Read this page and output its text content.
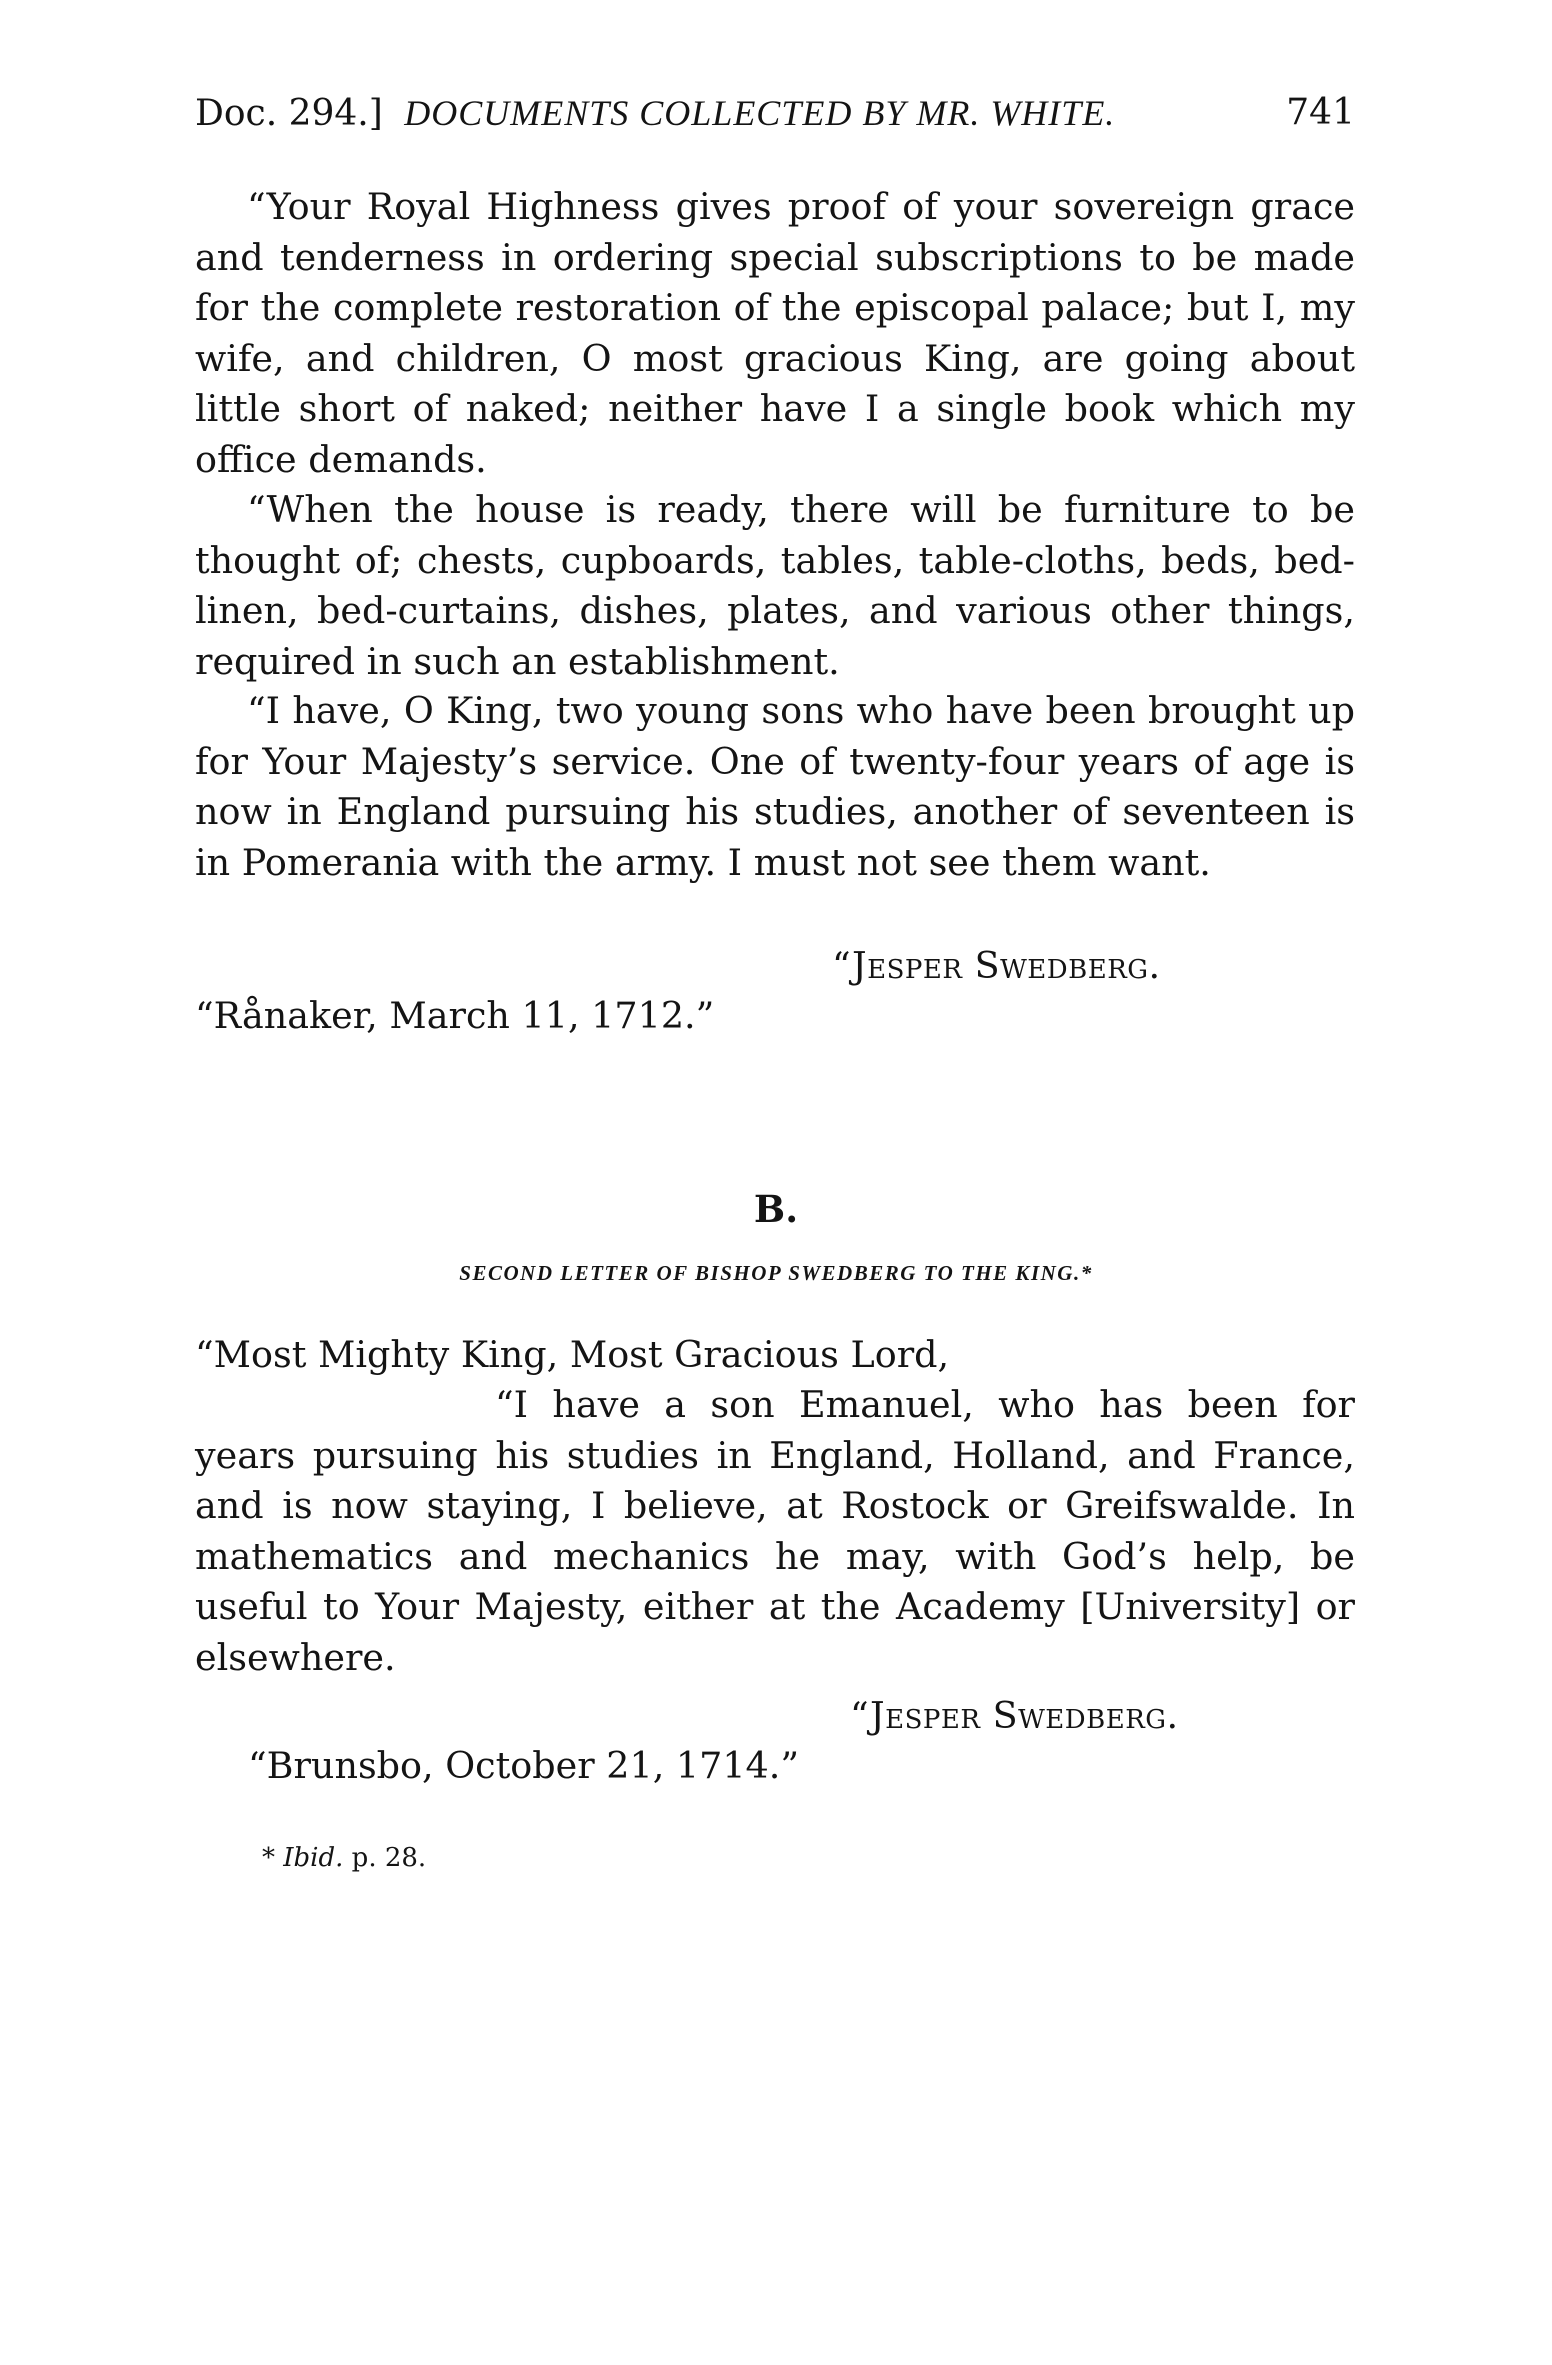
Doc. 294.] DOCUMENTS COLLECTED BY MR. WHITE.	741

“Your Royal Highness gives proof of your sovereign grace and tenderness in ordering special subscriptions to be made for the complete restoration of the episcopal palace; but I, my wife, and children, O most gracious King, are going about little short of naked; neither have I a single book which my office demands.

“When the house is ready, there will be furniture to be thought of; chests, cupboards, tables, table-cloths, beds, bed-linen, bed-curtains, dishes, plates, and various other things, required in such an establishment.

“I have, O King, two young sons who have been brought up for Your Majesty’s service. One of twenty-four years of age is now in England pursuing his studies, another of seventeen is in Pomerania with the army. I must not see them want.

“Jesper Swedberg.
“Rånaker, March 11, 1712.”
B.
SECOND LETTER OF BISHOP SWEDBERG TO THE KING.*
“Most Mighty King, Most Gracious Lord,

“I have a son Emanuel, who has been for years pursuing his studies in England, Holland, and France, and is now staying, I believe, at Rostock or Greifswalde. In mathematics and mechanics he may, with God’s help, be useful to Your Majesty, either at the Academy [University] or elsewhere.

“Jesper Swedberg.
“Brunsbo, October 21, 1714.”
* Ibid. p. 28.
